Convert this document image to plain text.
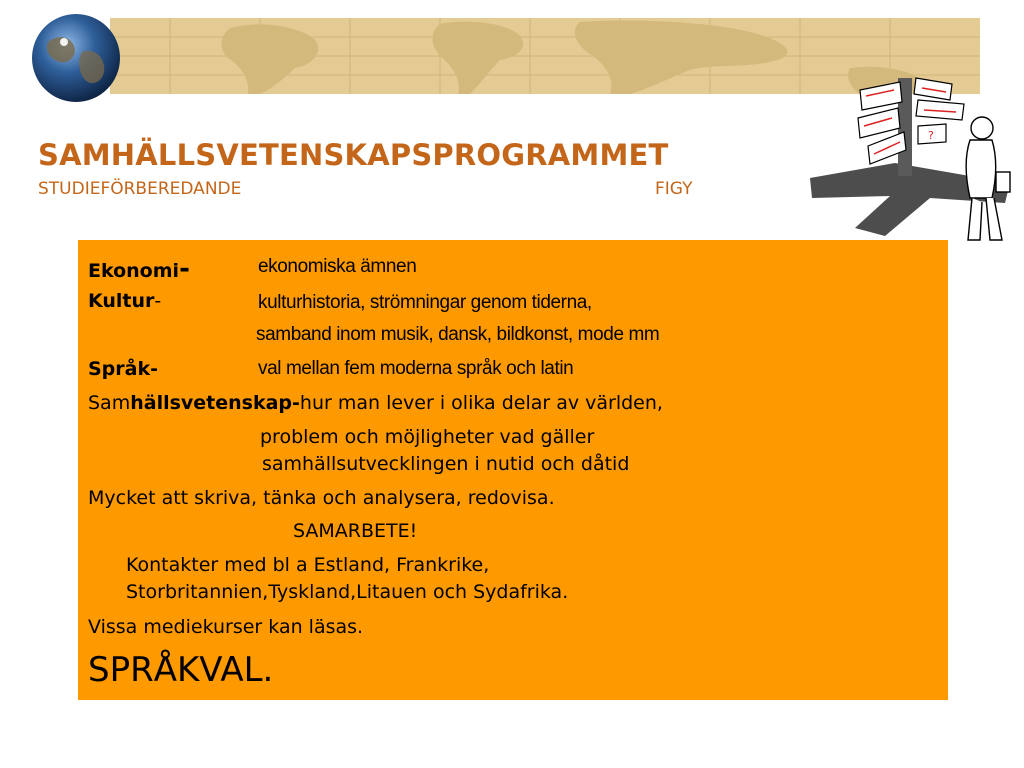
SAMHÄLLSVETENSKAPSPROGRAMMET
STUDIEFÖRBEREDANDE	FIGY
?
Ekonomi-	ekonomiska ämnen
Kultur-	kulturhistoria, strömningar genom tiderna,
samband inom musik, dansk, bildkonst, mode mm
Språk-	val mellan fem moderna språk och latin
Samhällsvetenskap-hur man lever i olika delar av världen,
problem och möjligheter vad gäller
samhällsutvecklingen i nutid och dåtid
Mycket att skriva, tänka och analysera, redovisa.
SAMARBETE!
Kontakter med bl a Estland, Frankrike,
Storbritannien,Tyskland,Litauen och Sydafrika.
Vissa mediekurser kan läsas.
SPRÅKVAL.
